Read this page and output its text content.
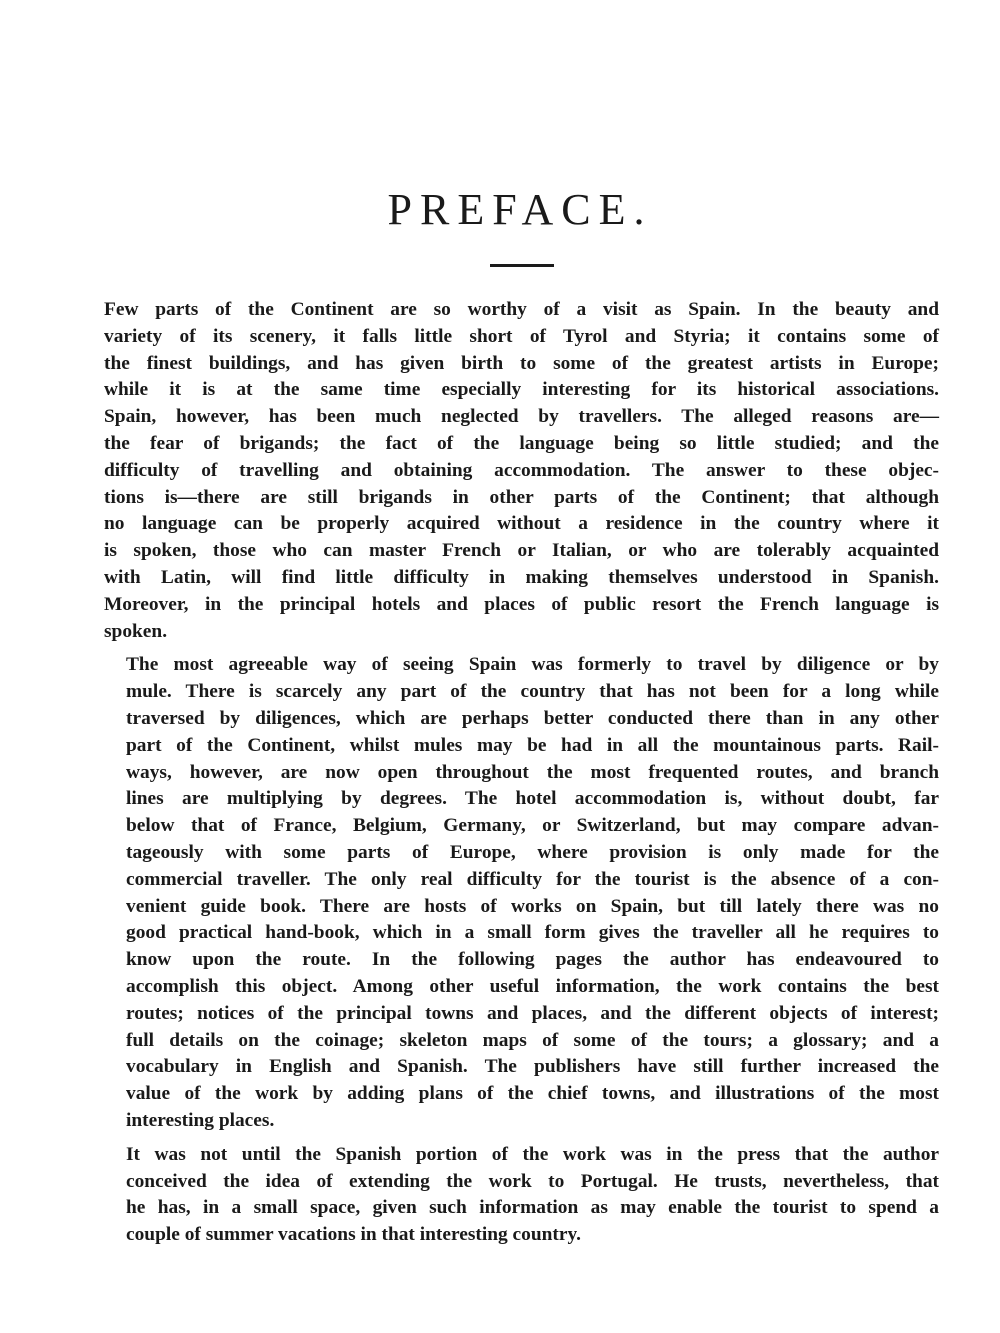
PREFACE.

Few parts of the Continent are so worthy of a visit as Spain. In the beauty and
variety of its scenery, it falls little short of Tyrol and Styria; it contains some of
the finest buildings, and has given birth to some of the greatest artists in Europe;
while it is at the same time especially interesting for its historical associations.
Spain, however, has been much neglected by travellers. The alleged reasons are—
the fear of brigands; the fact of the language being so little studied; and the
difficulty of travelling and obtaining accommodation. The answer to these objec-
tions is—there are still brigands in other parts of the Continent; that although
no language can be properly acquired without a residence in the country where it
is spoken, those who can master French or Italian, or who are tolerably acquainted
with Latin, will find little difficulty in making themselves understood in Spanish.
Moreover, in the principal hotels and places of public resort the French language is
spoken.

The most agreeable way of seeing Spain was formerly to travel by diligence or by
mule. There is scarcely any part of the country that has not been for a long while
traversed by diligences, which are perhaps better conducted there than in any other
part of the Continent, whilst mules may be had in all the mountainous parts. Rail-
ways, however, are now open throughout the most frequented routes, and branch
lines are multiplying by degrees. The hotel accommodation is, without doubt, far
below that of France, Belgium, Germany, or Switzerland, but may compare advan-
tageously with some parts of Europe, where provision is only made for the
commercial traveller. The only real difficulty for the tourist is the absence of a con-
venient guide book. There are hosts of works on Spain, but till lately there was no
good practical hand-book, which in a small form gives the traveller all he requires to
know upon the route. In the following pages the author has endeavoured to
accomplish this object. Among other useful information, the work contains the best
routes; notices of the principal towns and places, and the different objects of interest;
full details on the coinage; skeleton maps of some of the tours; a glossary; and a
vocabulary in English and Spanish. The publishers have still further increased the
value of the work by adding plans of the chief towns, and illustrations of the most
interesting places.

It was not until the Spanish portion of the work was in the press that the author
conceived the idea of extending the work to Portugal. He trusts, nevertheless, that
he has, in a small space, given such information as may enable the tourist to spend a
couple of summer vacations in that interesting country.
